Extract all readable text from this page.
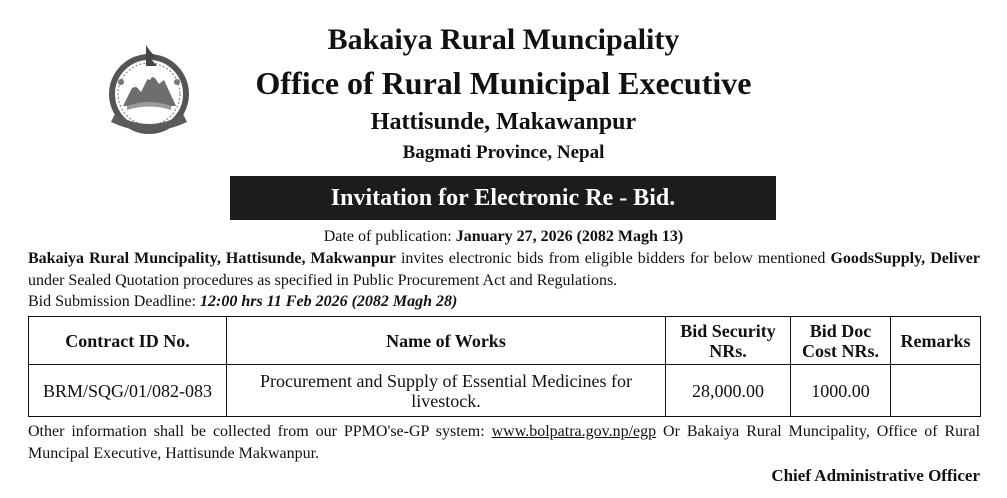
Bakaiya Rural Muncipality
Office of Rural Municipal Executive
Hattisunde, Makawanpur
Bagmati Province, Nepal
Invitation for Electronic Re - Bid.
Date of publication: January 27, 2026 (2082 Magh 13)
Bakaiya Rural Muncipality, Hattisunde, Makwanpur invites electronic bids from eligible bidders for below mentioned GoodsSupply, Deliver under Sealed Quotation procedures as specified in Public Procurement Act and Regulations.
Bid Submission Deadline: 12:00 hrs 11 Feb 2026 (2082 Magh 28)
Contract ID No.	Name of Works	Bid Security NRs.	Bid Doc Cost NRs.	Remarks
BRM/SQG/01/082-083	Procurement and Supply of Essential Medicines for livestock.	28,000.00	1000.00	
Other information shall be collected from our PPMO'se-GP system: www.bolpatra.gov.np/egp Or Bakaiya Rural Muncipality, Office of Rural Muncipal Executive, Hattisunde Makwanpur.
Chief Administrative Officer
